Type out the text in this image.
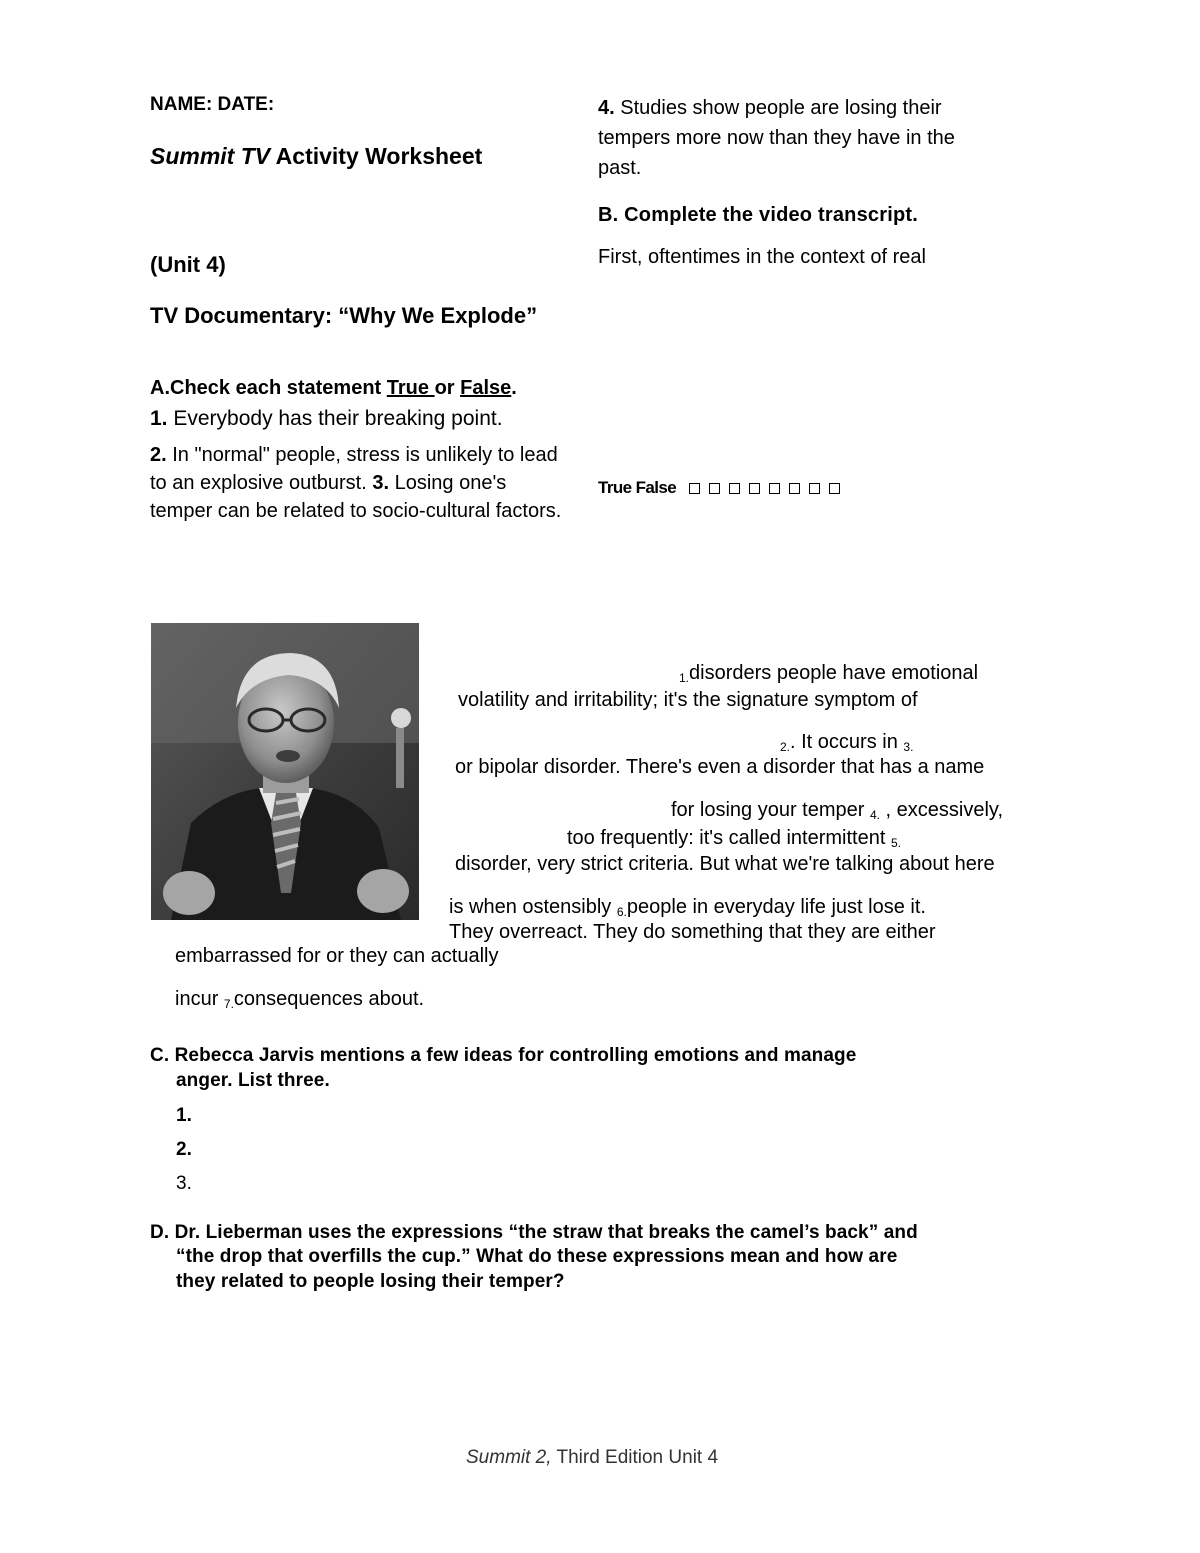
NAME: DATE:
Summit TV Activity Worksheet
(Unit 4)
TV Documentary: “Why We Explode”
A.Check each statement True or False.
1. Everybody has their breaking point.
2. In "normal" people, stress is unlikely to lead
to an explosive outburst. 3. Losing one's
temper can be related to socio-cultural factors.
4. Studies show people are losing their
tempers more now than they have in the
past.
True False
B. Complete the video transcript.
First, oftentimes in the context of real
$_{1.}$disorders people have emotional
volatility and irritability; it's the signature symptom of
$_{2.}$. It occurs in $_{3.}$
or bipolar disorder. There's even a disorder that has a name
for losing your temper $_{4.}$ , excessively,
too frequently: it's called intermittent $_{5.}$
disorder, very strict criteria. But what we're talking about here
is when ostensibly $_{6.}$people in everyday life just lose it.
They overreact. They do something that they are either
embarrassed for or they can actually
incur $_{7.}$consequences about.
C. Rebecca Jarvis mentions a few ideas for controlling emotions and manage
anger. List three.
1.
2.
3.
D. Dr. Lieberman uses the expressions “the straw that breaks the camel’s back” and
“the drop that overfills the cup.” What do these expressions mean and how are
they related to people losing their temper?
Summit 2, Third Edition Unit 4
